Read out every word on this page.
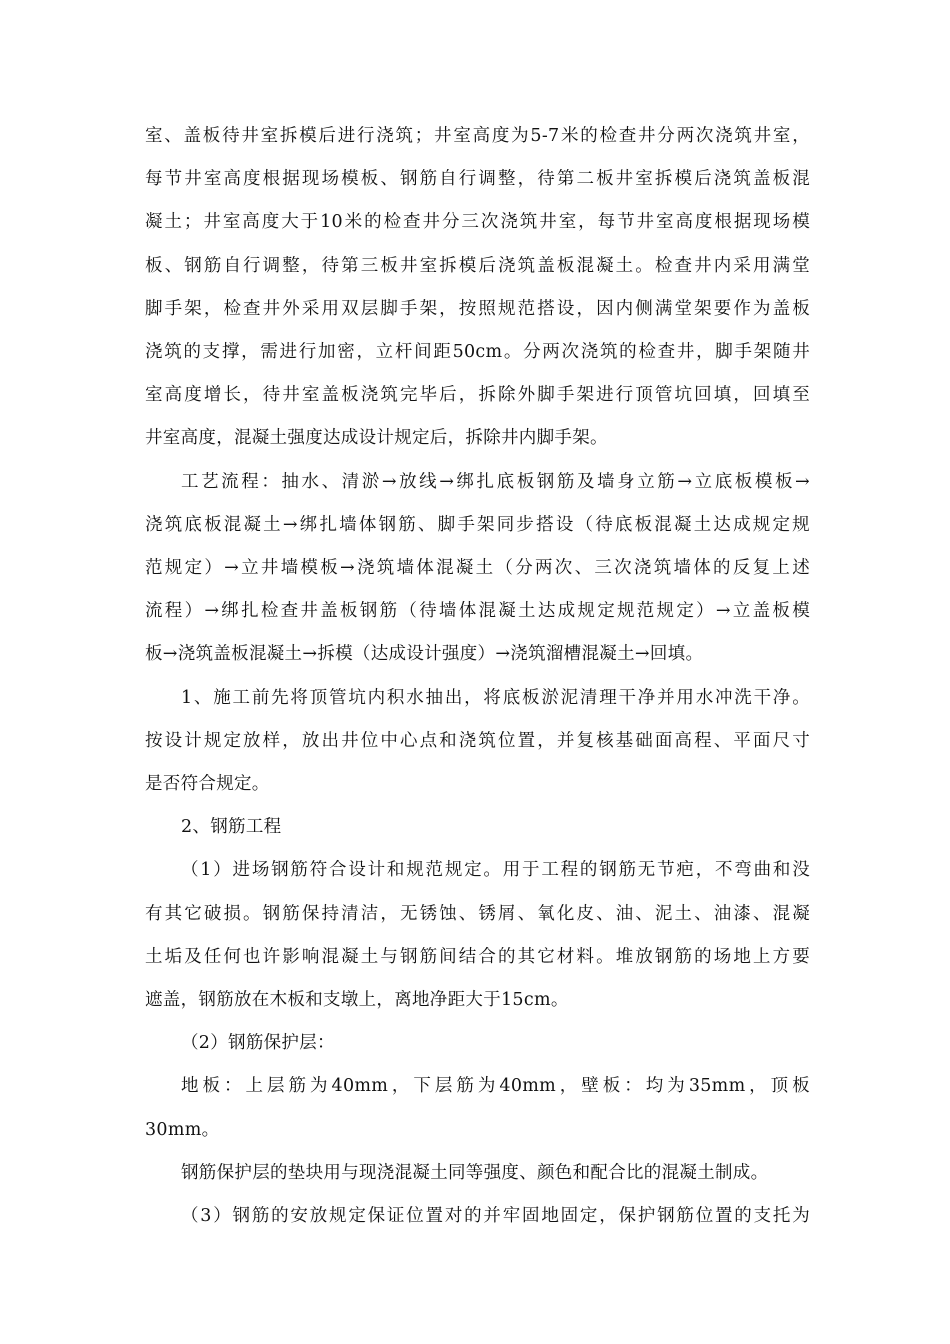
室、盖板待井室拆模后进行浇筑；井室高度为5-7米的检查井分两次浇筑井室，
每节井室高度根据现场模板、钢筋自行调整，待第二板井室拆模后浇筑盖板混
凝土；井室高度大于10米的检查井分三次浇筑井室，每节井室高度根据现场模
板、钢筋自行调整，待第三板井室拆模后浇筑盖板混凝土。检查井内采用满堂
脚手架，检查井外采用双层脚手架，按照规范搭设，因内侧满堂架要作为盖板
浇筑的支撑，需进行加密，立杆间距50cm。分两次浇筑的检查井，脚手架随井
室高度增长，待井室盖板浇筑完毕后，拆除外脚手架进行顶管坑回填，回填至
井室高度，混凝土强度达成设计规定后，拆除井内脚手架。

工艺流程：抽水、清淤→放线→绑扎底板钢筋及墙身立筋→立底板模板→
浇筑底板混凝土→绑扎墙体钢筋、脚手架同步搭设（待底板混凝土达成规定规
范规定）→立井墙模板→浇筑墙体混凝土（分两次、三次浇筑墙体的反复上述
流程）→绑扎检查井盖板钢筋（待墙体混凝土达成规定规范规定）→立盖板模
板→浇筑盖板混凝土→拆模（达成设计强度）→浇筑溜槽混凝土→回填。

1、施工前先将顶管坑内积水抽出，将底板淤泥清理干净并用水冲洗干净。
按设计规定放样，放出井位中心点和浇筑位置，并复核基础面高程、平面尺寸
是否符合规定。

2、钢筋工程

（1）进场钢筋符合设计和规范规定。用于工程的钢筋无节疤，不弯曲和没
有其它破损。钢筋保持清洁，无锈蚀、锈屑、氧化皮、油、泥土、油漆、混凝
土垢及任何也许影响混凝土与钢筋间结合的其它材料。堆放钢筋的场地上方要
遮盖，钢筋放在木板和支墩上，离地净距大于15cm。

（2）钢筋保护层：

地板：上层筋为40mm，下层筋为40mm，壁板：均为35mm，顶板
30mm。

钢筋保护层的垫块用与现浇混凝土同等强度、颜色和配合比的混凝土制成。

（3）钢筋的安放规定保证位置对的并牢固地固定，保护钢筋位置的支托为
